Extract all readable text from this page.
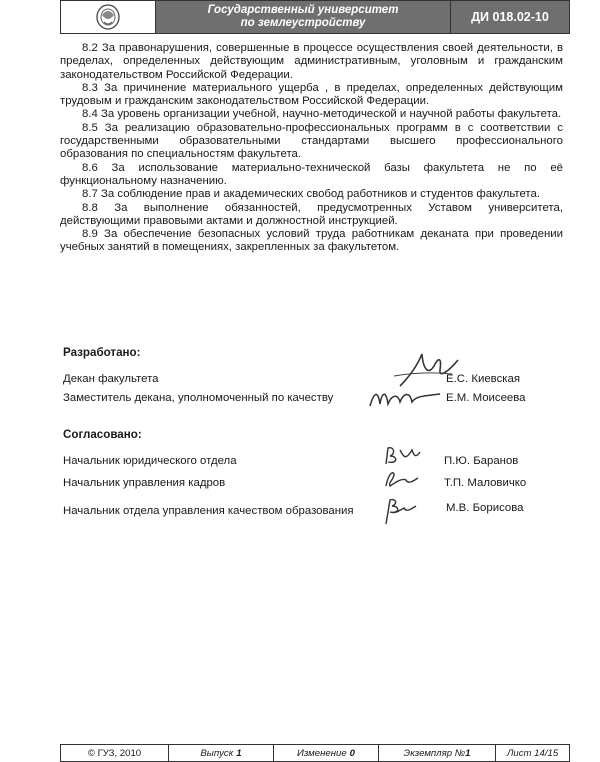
Государственный университет
по землеустройству	ДИ 018.02-10

8.2 За правонарушения, совершенные в процессе осуществления своей деятельности, в пределах, определенных действующим административным, уголовным и гражданским законодательством Российской Федерации.

8.3 За причинение материального ущерба , в пределах, определенных действующим трудовым и гражданским законодательством Российской Федерации.

8.4 За уровень организации учебной, научно-методической и научной работы факультета.

8.5 За реализацию образовательно-профессиональных программ в с соответствии с государственными образовательными стандартами высшего профессионального образования по специальностям факультета.

8.6 За использование материально-технической базы факультета не по её функциональному назначению.

8.7 За соблюдение прав и академических свобод работников и студентов факультета.

8.8 За выполнение обязанностей, предусмотренных Уставом университета, действующими правовыми актами и должностной инструкцией.

8.9 За обеспечение безопасных условий труда работникам деканата при проведении учебных занятий в помещениях, закрепленных за факультетом.

Разработано:
Декан факультета	Е.С. Киевская
Заместитель декана, уполномоченный по качеству	Е.М. Моисеева
Согласовано:
Начальник юридического отдела	П.Ю. Баранов
Начальник управления кадров	Т.П. Маловичко
Начальник отдела управления качеством образования	М.В. Борисова
© ГУЗ, 2010	Выпуск 1	Изменение 0	Экземпляр № 1	Лист 14/15
